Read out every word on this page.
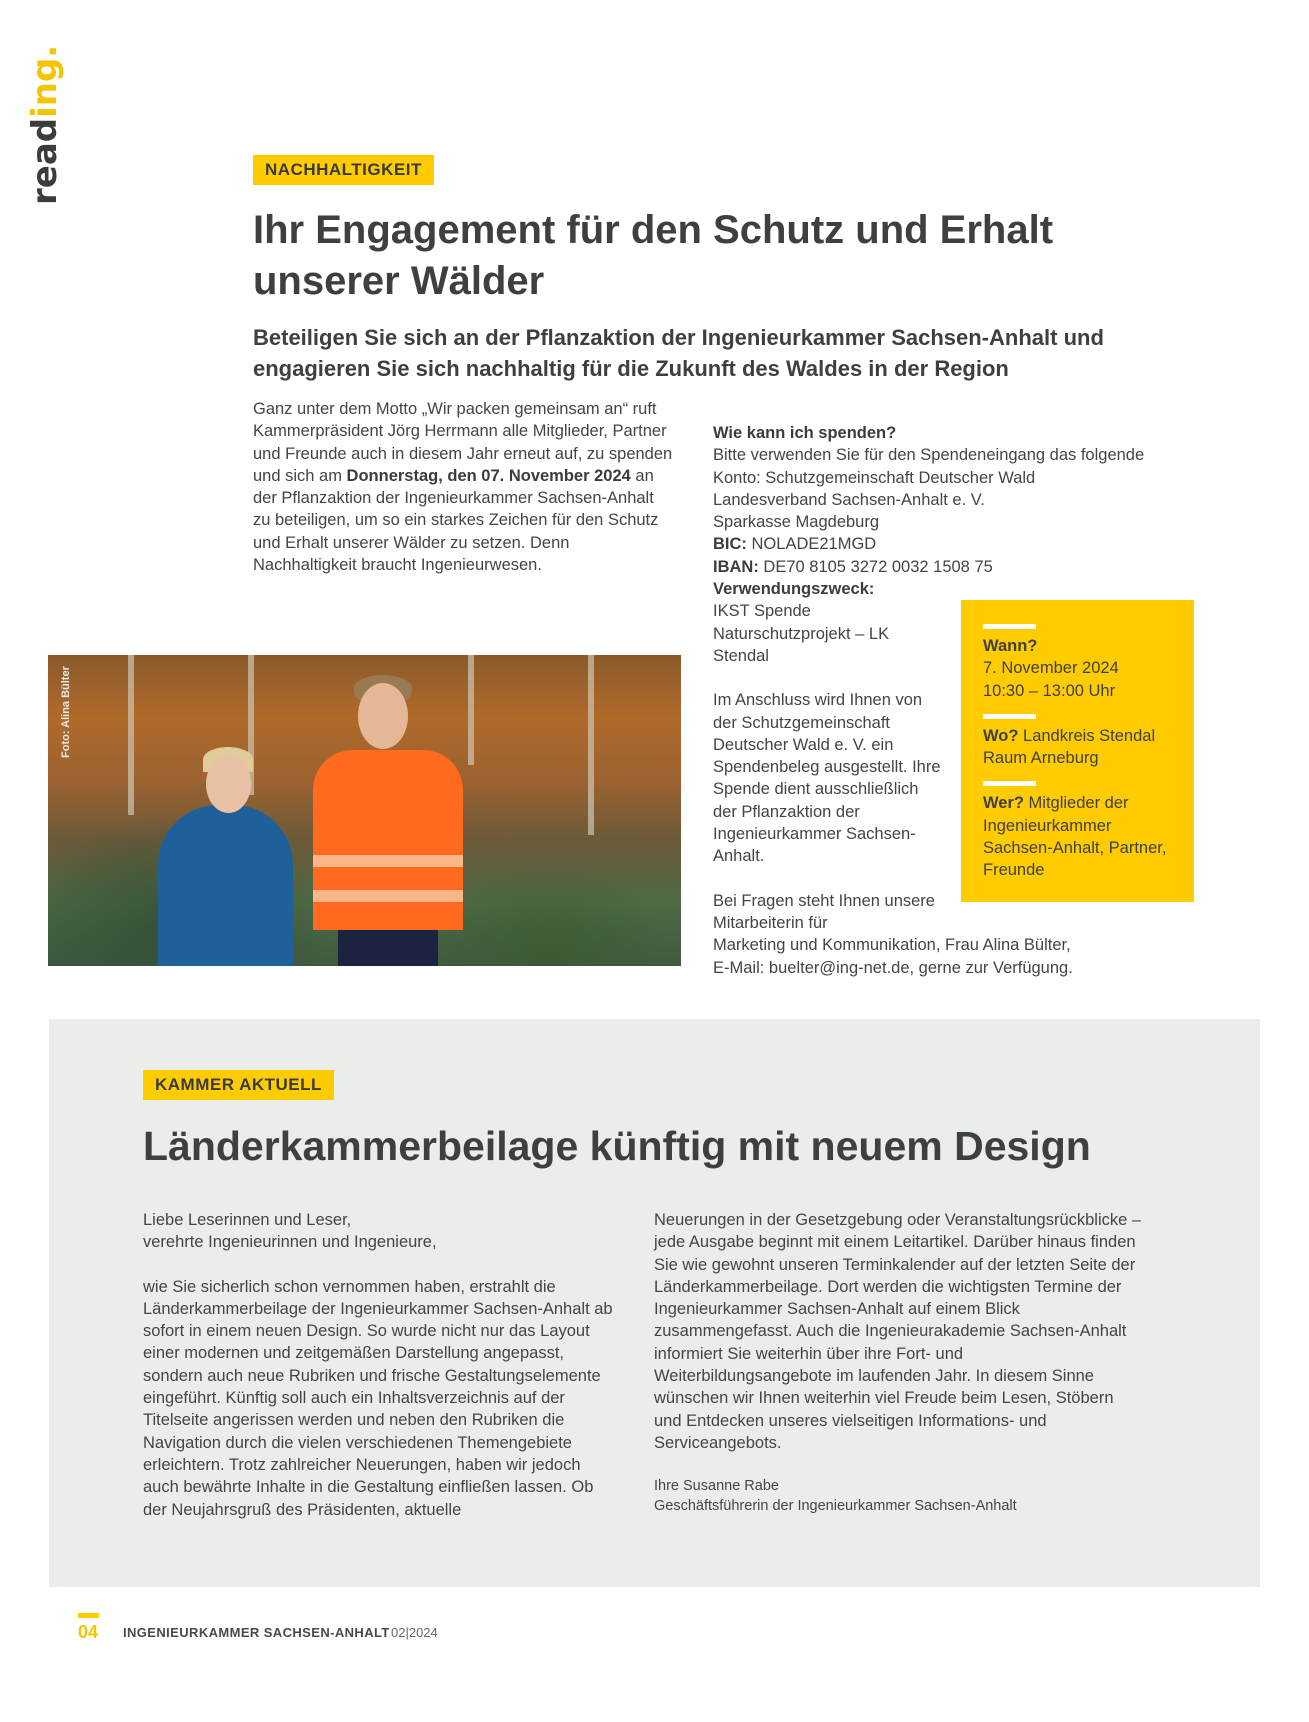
reading.
NACHHALTIGKEIT
Ihr Engagement für den Schutz und Erhalt unserer Wälder
Beteiligen Sie sich an der Pflanzaktion der Ingenieurkammer Sachsen-Anhalt und engagieren Sie sich nachhaltig für die Zukunft des Waldes in der Region
Ganz unter dem Motto „Wir packen gemeinsam an“ ruft Kammerpräsident Jörg Herrmann alle Mitglieder, Partner und Freunde auch in diesem Jahr erneut auf, zu spenden und sich am Donnerstag, den 07. November 2024 an der Pflanzaktion der Ingenieurkammer Sachsen-Anhalt zu beteiligen, um so ein starkes Zeichen für den Schutz und Erhalt unserer Wälder zu setzen. Denn Nachhaltigkeit braucht Ingenieurwesen.
Wie kann ich spenden?
Bitte verwenden Sie für den Spendeneingang das folgende Konto: Schutzgemeinschaft Deutscher Wald Landesverband Sachsen-Anhalt e. V.
Sparkasse Magdeburg
BIC: NOLADE21MGD
IBAN: DE70 8105 3272 0032 1508 75
Verwendungszweck:
IKST Spende Naturschutzprojekt – LK Stendal
Im Anschluss wird Ihnen von der Schutzgemeinschaft Deutscher Wald e. V. ein Spendenbeleg ausgestellt. Ihre Spende dient ausschließlich der Pflanzaktion der Ingenieurkammer Sachsen-Anhalt.
Bei Fragen steht Ihnen unsere Mitarbeiterin für
Marketing und Kommunikation, Frau Alina Bülter,
E-Mail: buelter@ing-net.de, gerne zur Verfügung.
Foto: Alina Bülter
Wann?
7. November 2024
10:30 – 13:00 Uhr
Wo? Landkreis Stendal Raum Arneburg
Wer? Mitglieder der Ingenieurkammer Sachsen-Anhalt, Partner, Freunde
KAMMER AKTUELL
Länderkammerbeilage künftig mit neuem Design
Liebe Leserinnen und Leser,
verehrte Ingenieurinnen und Ingenieure,
wie Sie sicherlich schon vernommen haben, erstrahlt die Länderkammerbeilage der Ingenieurkammer Sachsen-Anhalt ab sofort in einem neuen Design. So wurde nicht nur das Layout einer modernen und zeitgemäßen Darstellung angepasst, sondern auch neue Rubriken und frische Gestaltungselemente eingeführt. Künftig soll auch ein Inhaltsverzeichnis auf der Titelseite angerissen werden und neben den Rubriken die Navigation durch die vielen verschiedenen Themengebiete erleichtern. Trotz zahlreicher Neuerungen, haben wir jedoch auch bewährte Inhalte in die Gestaltung einfließen lassen. Ob der Neujahrsgruß des Präsidenten, aktuelle
Neuerungen in der Gesetzgebung oder Veranstaltungsrückblicke – jede Ausgabe beginnt mit einem Leitartikel. Darüber hinaus finden Sie wie gewohnt unseren Terminkalender auf der letzten Seite der Länderkammerbeilage. Dort werden die wichtigsten Termine der Ingenieurkammer Sachsen-Anhalt auf einem Blick zusammengefasst. Auch die Ingenieurakademie Sachsen-Anhalt informiert Sie weiterhin über ihre Fort- und Weiterbildungsangebote im laufenden Jahr. In diesem Sinne wünschen wir Ihnen weiterhin viel Freude beim Lesen, Stöbern und Entdecken unseres vielseitigen Informations- und Serviceangebots.
Ihre Susanne Rabe
Geschäftsführerin der Ingenieurkammer Sachsen-Anhalt
04 INGENIEURKAMMER SACHSEN-ANHALT 02|2024
